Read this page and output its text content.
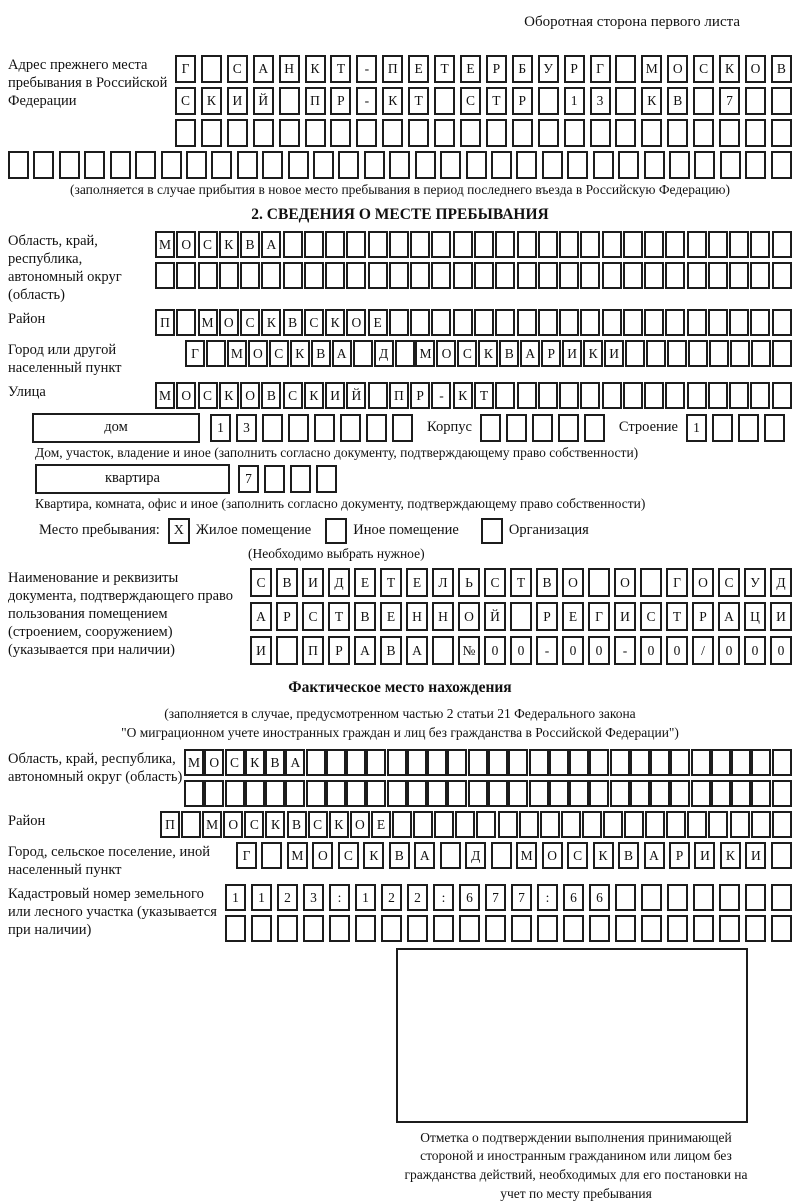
Оборотная сторона первого листа
Адрес прежнего места пребывания в Российской Федерации
Г	С	А	Н	К	Т	-	П	Е	Т	Е	Р	Б	У	Р	Г	М	О	С	К	О	В
С	К	И	Й	П	Р	-	К	Т	С	Т	Р	1	3	К	В	7
(заполняется в случае прибытия в новое место пребывания в период последнего въезда в Российскую Федерацию)
2. СВЕДЕНИЯ О МЕСТЕ ПРЕБЫВАНИЯ
Область, край, республика, автономный округ (область)
М О С К В А
Район	П	М О С К В С К О Е
Город или другой населенный пункт
Г	М О С К В А	Д	М О С К В А Р И К И
Улица	М О С К О В С К И Й	П Р	-	К Т
дом	1	3	Корпус	Строение	1
Дом, участок, владение и иное (заполнить согласно документу, подтверждающему право собственности)
квартира	7
Квартира, комната, офис и иное (заполнить согласно документу, подтверждающему право собственности)
Место пребывания: X Жилое помещение	Иное помещение	Организация
(Необходимо выбрать нужное)
Наименование и реквизиты документа, подтверждающего право пользования помещением (строением, сооружением) (указывается при наличии)
С	В	И	Д	Е	Т	Е	Л	Ь	С	Т	В	О	О	Г	О	С	У	Д
А	Р	С	Т	В	Е	Н	Н	О	Й	Р	Е	Г	И	С	Т	Р	А	Ц	И
И	П	Р	А	В	А	№	0	0	-	0	0	-	0	0	/	0	0	0
Фактическое место нахождения
(заполняется в случае, предусмотренном частью 2 статьи 21 Федерального закона
"О миграционном учете иностранных граждан и лиц без гражданства в Российской Федерации")
Область, край, республика, автономный округ (область)
М О С К В А
Район	П	М О С К В С К О Е
Город, сельское поселение, иной населенный пункт
Г	М	О	С	К	В	А	Д	М	О	С	К	В	А	Р	И	К	И
Кадастровый номер земельного или лесного участка (указывается при наличии)
1	1	2	3	:	1	2	2	:	6	7	7	:	6	6
Отметка о подтверждении выполнения принимающей стороной и иностранным гражданином или лицом без гражданства действий, необходимых для его постановки на учет по месту пребывания
